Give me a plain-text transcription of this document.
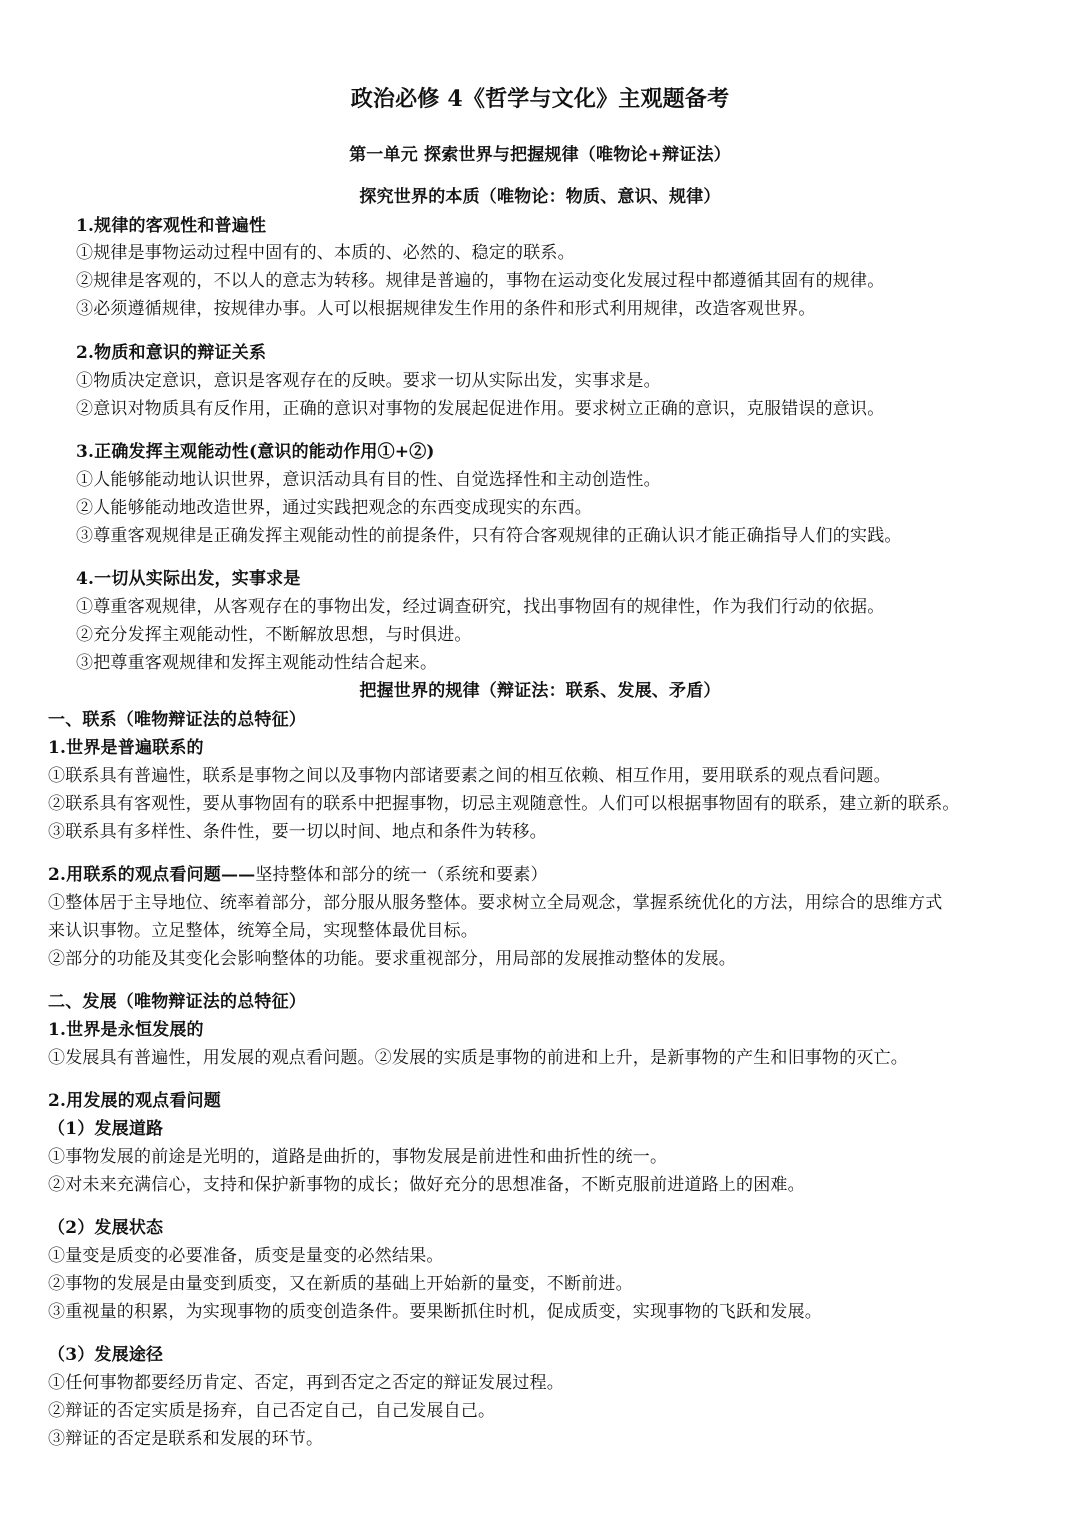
政治必修 4《哲学与文化》主观题备考
第一单元 探索世界与把握规律（唯物论+辩证法）
探究世界的本质（唯物论：物质、意识、规律）
1.规律的客观性和普遍性
①规律是事物运动过程中固有的、本质的、必然的、稳定的联系。
②规律是客观的，不以人的意志为转移。规律是普遍的，事物在运动变化发展过程中都遵循其固有的规律。
③必须遵循规律，按规律办事。人可以根据规律发生作用的条件和形式利用规律，改造客观世界。
2.物质和意识的辩证关系
①物质决定意识，意识是客观存在的反映。要求一切从实际出发，实事求是。
②意识对物质具有反作用，正确的意识对事物的发展起促进作用。要求树立正确的意识，克服错误的意识。
3.正确发挥主观能动性(意识的能动作用①+②)
①人能够能动地认识世界，意识活动具有目的性、自觉选择性和主动创造性。
②人能够能动地改造世界，通过实践把观念的东西变成现实的东西。
③尊重客观规律是正确发挥主观能动性的前提条件，只有符合客观规律的正确认识才能正确指导人们的实践。
4.一切从实际出发，实事求是
①尊重客观规律，从客观存在的事物出发，经过调查研究，找出事物固有的规律性，作为我们行动的依据。
②充分发挥主观能动性，不断解放思想，与时俱进。
③把尊重客观规律和发挥主观能动性结合起来。
把握世界的规律（辩证法：联系、发展、矛盾）
一、联系（唯物辩证法的总特征）
1.世界是普遍联系的
①联系具有普遍性，联系是事物之间以及事物内部诸要素之间的相互依赖、相互作用，要用联系的观点看问题。
②联系具有客观性，要从事物固有的联系中把握事物，切忌主观随意性。人们可以根据事物固有的联系，建立新的联系。
③联系具有多样性、条件性，要一切以时间、地点和条件为转移。
2.用联系的观点看问题——坚持整体和部分的统一（系统和要素）
①整体居于主导地位、统率着部分，部分服从服务整体。要求树立全局观念，掌握系统优化的方法，用综合的思维方式
来认识事物。立足整体，统筹全局，实现整体最优目标。
②部分的功能及其变化会影响整体的功能。要求重视部分，用局部的发展推动整体的发展。
二、发展（唯物辩证法的总特征）
1.世界是永恒发展的
①发展具有普遍性，用发展的观点看问题。②发展的实质是事物的前进和上升，是新事物的产生和旧事物的灭亡。
2.用发展的观点看问题
（1）发展道路
①事物发展的前途是光明的，道路是曲折的，事物发展是前进性和曲折性的统一。
②对未来充满信心，支持和保护新事物的成长；做好充分的思想准备，不断克服前进道路上的困难。
（2）发展状态
①量变是质变的必要准备，质变是量变的必然结果。
②事物的发展是由量变到质变，又在新质的基础上开始新的量变，不断前进。
③重视量的积累，为实现事物的质变创造条件。要果断抓住时机，促成质变，实现事物的飞跃和发展。
（3）发展途径
①任何事物都要经历肯定、否定，再到否定之否定的辩证发展过程。
②辩证的否定实质是扬弃，自己否定自己，自己发展自己。
③辩证的否定是联系和发展的环节。
